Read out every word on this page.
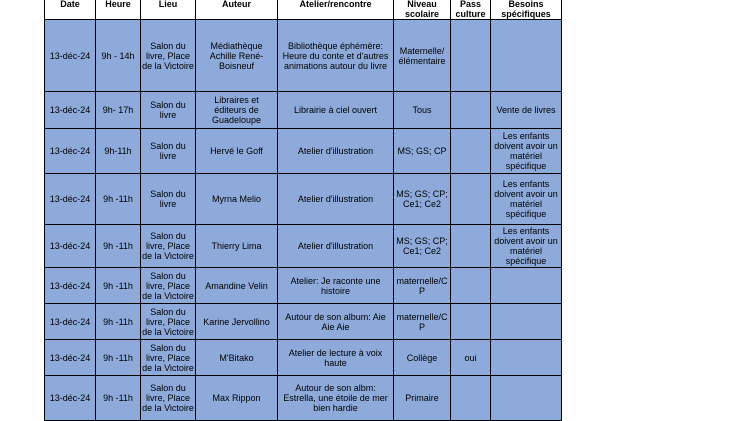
Date	Heure	Lieu	Auteur	Atelier/rencontre	Niveau scolaire	Pass culture	Besoins spécifiques
13-déc-24	9h - 14h	Salon du livre, Place de la Victoire	Médiathèque Achille René-Boisneuf	Bibliothèque éphémère: Heure du conte et d'autres animations autour du livre	Maternelle/ élémentaire		
13-déc-24	9h- 17h	Salon du livre	Libraires et éditeurs de Guadeloupe	Librairie à ciel ouvert	Tous		Vente de livres
13-déc-24	9h-11h	Salon du livre	Hervé le Goff	Atelier d'illustration	MS; GS; CP		Les enfants doivent avoir un matériel spécifique
13-déc-24	9h -11h	Salon du livre	Myrna Melio	Atelier d'illustration	MS; GS; CP; Ce1; Ce2		Les enfants doivent avoir un matériel spécifique
13-déc-24	9h -11h	Salon du livre, Place de la Victoire	Thierry Lima	Atelier d'illustration	MS; GS; CP; Ce1; Ce2		Les enfants doivent avoir un matériel spécifique
13-déc-24	9h -11h	Salon du livre, Place de la Victoire	Amandine Velin	Atelier: Je raconte une histoire	maternelle/C P		
13-déc-24	9h -11h	Salon du livre, Place de la Victoire	Karine Jervollino	Autour de son album: Aie Aie Aie	maternelle/C P		
13-déc-24	9h -11h	Salon du livre, Place de la Victoire	M'Bitako	Atelier de lecture à voix haute	Collège	oui	
13-déc-24	9h -11h	Salon du livre, Place de la Victoire	Max Rippon	Autour de son albm: Estrella, une étoile de mer bien hardie	Primaire		
